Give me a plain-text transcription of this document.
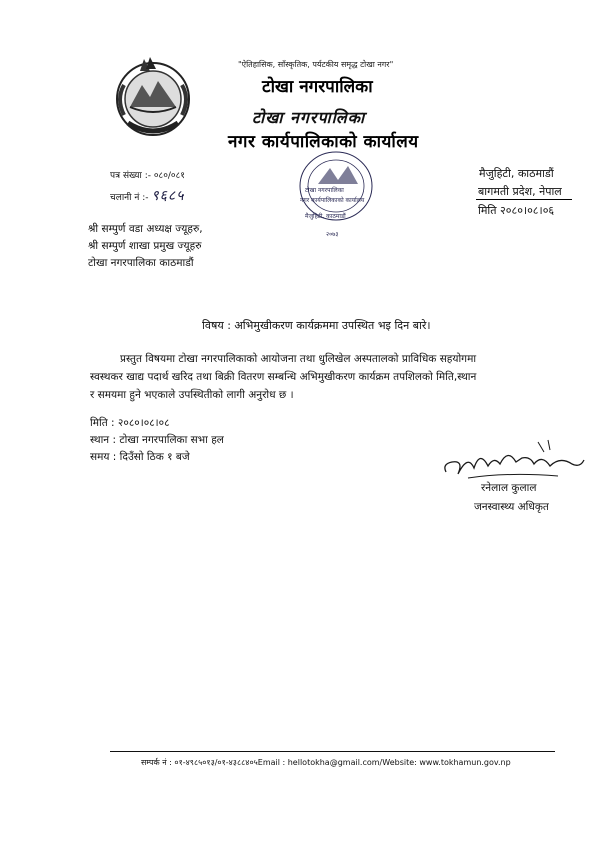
"ऐतिहासिक, साँस्कृतिक, पर्यटकीय समृद्ध टोखा नगर"
टोखा नगरपालिका
टोखा नगरपालिका
नगर कार्यपालिकाको कार्यालय
पत्र संख्या :- ०८०/०८१
चलानी नं :- ९६८५	टोखा नगरपालिका
नगर कार्यपालिकाको कार्यालय
मैजुहिटी, काठमाडौं
२०७३
मैजुहिटी, काठमाडौं
बागमती प्रदेश, नेपाल
मिति २०८०।०८।०६
श्री सम्पुर्ण वडा अध्यक्ष ज्यूहरु,
श्री सम्पुर्ण शाखा प्रमुख ज्यूहरु
टोखा नगरपालिका काठमाडौं
विषय : अभिमुखीकरण कार्यक्रममा उपस्थित भइ दिन बारे।
प्रस्तुत विषयमा टोखा नगरपालिकाको आयोजना तथा धुलिखेल अस्पतालको प्राविधिक सहयोगमा
स्वस्थकर खाद्य पदार्थ खरिद तथा बिक्री वितरण सम्बन्धि अभिमुखीकरण कार्यक्रम तपशिलको मिति,स्थान
र समयमा हुने भएकाले उपस्थितीको लागी अनुरोध छ ।
मिति : २०८०।०८।०८
स्थान : टोखा नगरपालिका सभा हल
समय : दिउँसो ठिक १ बजे
रनेलाल कुलाल
जनस्वास्थ्य अधिकृत
सम्पर्क नं : ०१-४९८५०१३/०१-४३८८४०५Email : hellotokha@gmail.com/Website: www.tokhamun.gov.np
